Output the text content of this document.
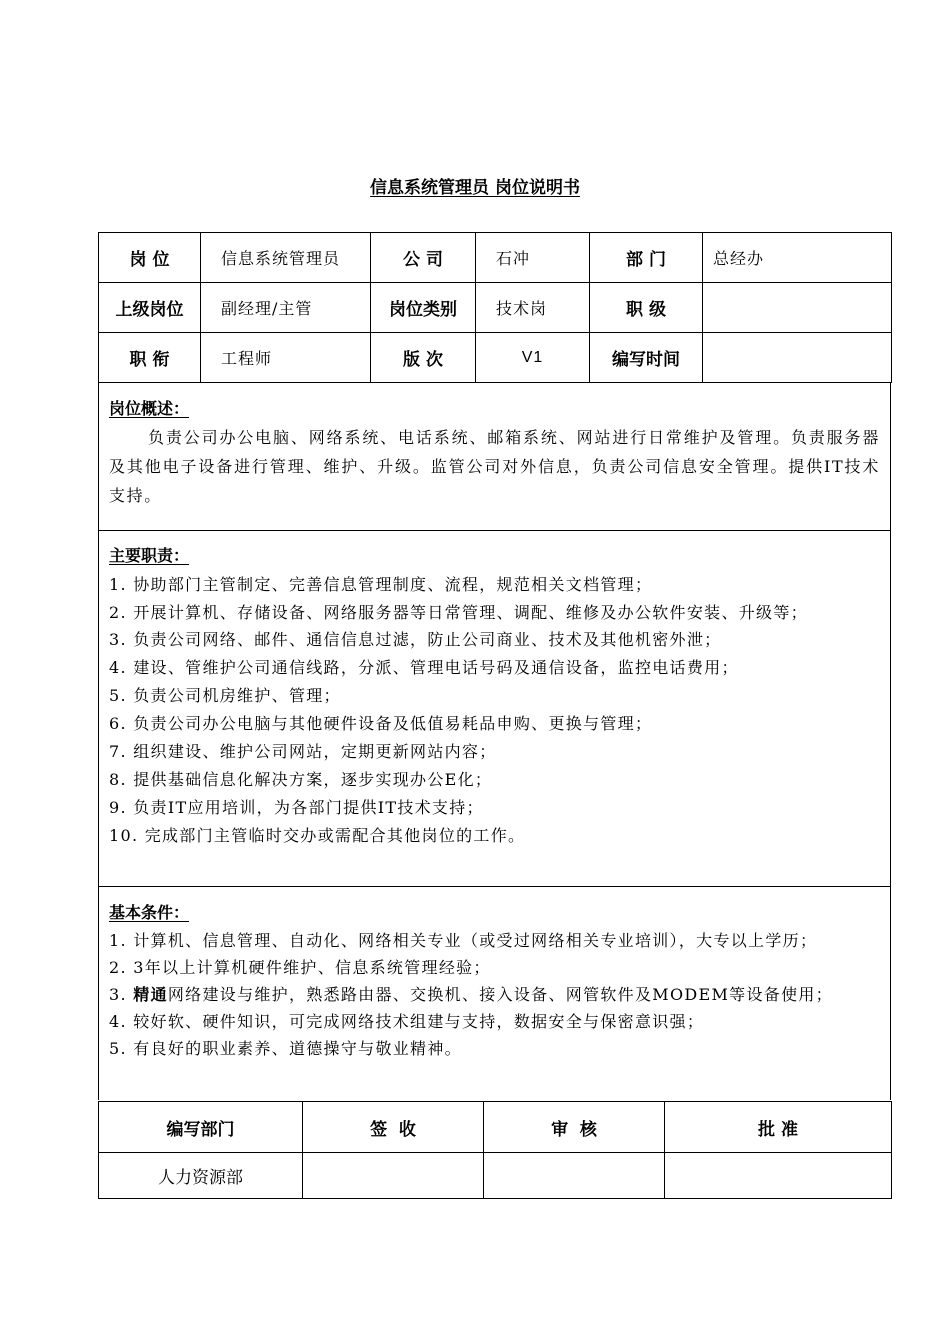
信息系统管理员 岗位说明书
岗 位	信息系统管理员	公 司	石冲	部 门	总经办
上级岗位	副经理/主管	岗位类别	技术岗	职 级	
职 衔	工程师	版 次	V1	编写时间	

岗位概述：

负责公司办公电脑、网络系统、电话系统、邮箱系统、网站进行日常维护及管理。负责服务器及其他电子设备进行管理、维护、升级。监管公司对外信息，负责公司信息安全管理。提供IT技术支持。

主要职责：

1. 协助部门主管制定、完善信息管理制度、流程，规范相关文档管理；
2. 开展计算机、存储设备、网络服务器等日常管理、调配、维修及办公软件安装、升级等；
3. 负责公司网络、邮件、通信信息过滤，防止公司商业、技术及其他机密外泄；
4. 建设、管维护公司通信线路，分派、管理电话号码及通信设备，监控电话费用；
5. 负责公司机房维护、管理；
6. 负责公司办公电脑与其他硬件设备及低值易耗品申购、更换与管理；
7. 组织建设、维护公司网站，定期更新网站内容；
8. 提供基础信息化解决方案，逐步实现办公E化；
9. 负责IT应用培训，为各部门提供IT技术支持；
10. 完成部门主管临时交办或需配合其他岗位的工作。

基本条件：

1. 计算机、信息管理、自动化、网络相关专业（或受过网络相关专业培训），大专以上学历；
2. 3年以上计算机硬件维护、信息系统管理经验；
3. 精通网络建设与维护，熟悉路由器、交换机、接入设备、网管软件及MODEM等设备使用；
4. 较好软、硬件知识，可完成网络技术组建与支持，数据安全与保密意识强；
5. 有良好的职业素养、道德操守与敬业精神。
编写部门	签  收	审  核	批 准
人力资源部			
